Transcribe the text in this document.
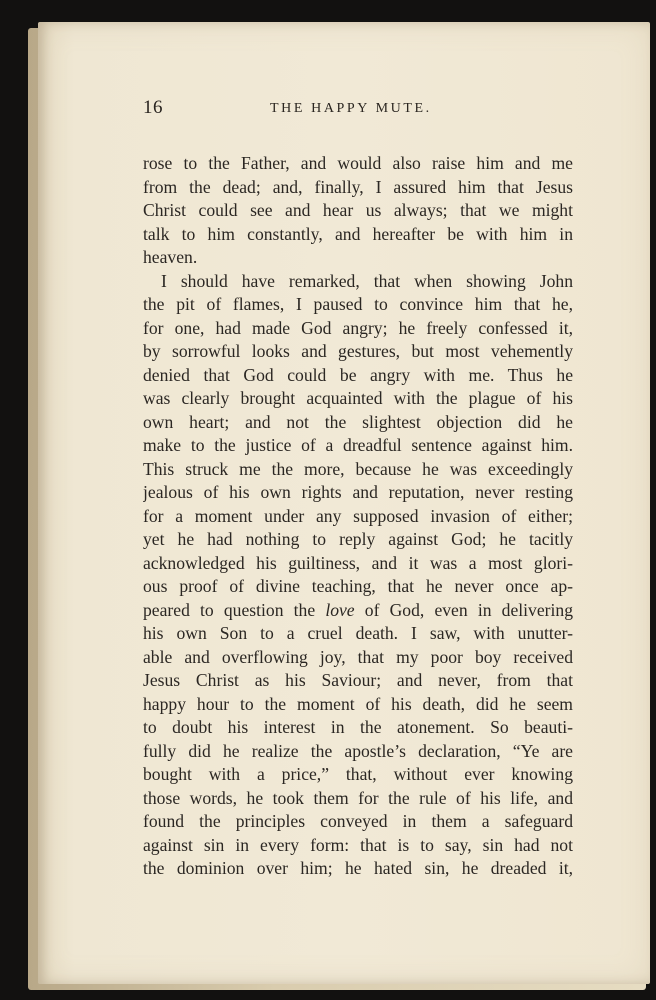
16	THE HAPPY MUTE.
rose to the Father, and would also raise him and me
from the dead; and, finally, I assured him that Jesus
Christ could see and hear us always; that we might
talk to him constantly, and hereafter be with him in
heaven.
I should have remarked, that when showing John
the pit of flames, I paused to convince him that he,
for one, had made God angry; he freely confessed it,
by sorrowful looks and gestures, but most vehemently
denied that God could be angry with me. Thus he
was clearly brought acquainted with the plague of his
own heart; and not the slightest objection did he
make to the justice of a dreadful sentence against him.
This struck me the more, because he was exceedingly
jealous of his own rights and reputation, never resting
for a moment under any supposed invasion of either;
yet he had nothing to reply against God; he tacitly
acknowledged his guiltiness, and it was a most glori-
ous proof of divine teaching, that he never once ap-
peared to question the love of God, even in delivering
his own Son to a cruel death. I saw, with unutter-
able and overflowing joy, that my poor boy received
Jesus Christ as his Saviour; and never, from that
happy hour to the moment of his death, did he seem
to doubt his interest in the atonement. So beauti-
fully did he realize the apostle’s declaration, “Ye are
bought with a price,” that, without ever knowing
those words, he took them for the rule of his life, and
found the principles conveyed in them a safeguard
against sin in every form: that is to say, sin had not
the dominion over him; he hated sin, he dreaded it,
